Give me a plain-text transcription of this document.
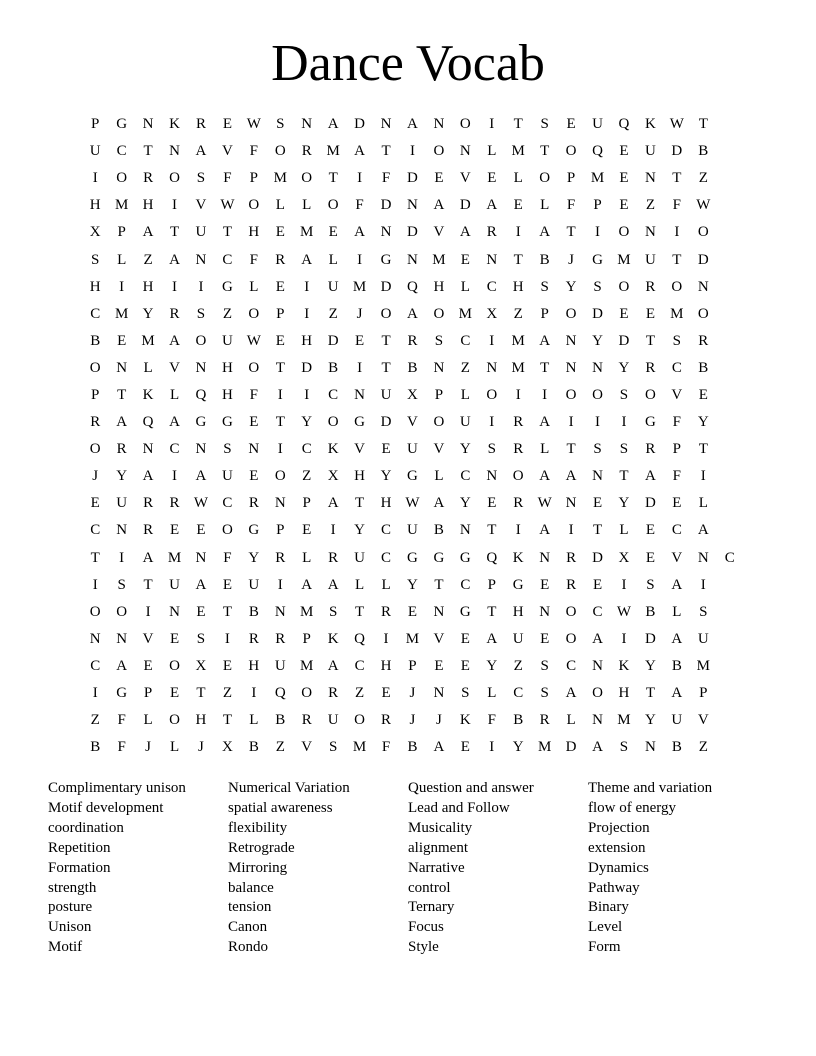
Dance Vocab
P	G	N	K	R	E W	S	N	A	D	N	A	N	O	I	T	S	E	U	Q	K W T
U	C	T	N	A	V	F	O	R M A	T	I	O	N	L	M	T	O	Q	E	U	D	B
I	O	R	O	S	F	P	M O	T	I	F	D	E	V	E	L	O	P	M	E	N	T	Z
H M H	I	V W O	L	L	O	F	D	N	A	D	A	E	L	F	P	E	Z	F	W
X	P	A	T	U	T	H	E	M	E	A	N	D	V	A	R	I	A	T	I	O	N	I	O
S	L	Z	A	N	C	F	R	A	L	I	G	N M	E	N	T	B	J	G M U	T	D
H	I	H	I	I	G	L	E	I	U M D	Q	H	L	C	H	S	Y	S	O	R	O	N
C M Y	R	S	Z	O	P	I	Z	J	O	A	O M X	Z	P	O	D	E	E	M O
B	E	M A	O	U W E	H	D	E	T	R	S	C	I	M A	N	Y	D	T	S	R
O	N	L	V	N	H	O	T	D	B	I	T	B	N	Z	N M	T	N	N	Y	R	C	B
P	T	K	L	Q	H	F	I	I	C	N	U	X	P	L	O	I	I	O	O	S	O	V	E
R	A	Q	A	G	G	E	T	Y	O	G	D	V	O	U	I	R	A	I	I	I	G	F	Y
O	R	N	C	N	S	N	I	C	K	V	E	U	V	Y	S	R	L	T	S	S	R	P	T
J	Y	A	I	A	U	E	O	Z	X	H	Y	G	L	C	N	O	A	A	N	T	A	F	I
E	U	R	R W C	R	N	P	A	T	H W A	Y	E	R W N	E	Y	D	E	L
C	N	R	E	E	O	G	P	E	I	Y	C	U	B	N	T	I	A	I	T	L	E	C	A
T	I	A M N	F	Y	R	L	R	U	C	G	G	G	Q	K	N	R	D	X	E	V	N	C
I	S	T	U	A	E	U	I	A	A	L	L	Y	T	C	P	G	E	R	E	I	S	A	I
O	O	I	N	E	T	B	N M	S	T	R	E	N	G	T	H	N	O	C W B	L	S
N	N	V	E	S	I	R	R	P	K	Q	I	M V	E	A	U	E	O	A	I	D	A	U
C	A	E	O	X	E	H	U M A	C	H	P	E	E	Y	Z	S	C	N	K	Y	B M
I	G	P	E	T	Z	I	Q	O	R	Z	E	J	N	S	L	C	S	A	O	H	T	A	P
Z	F	L	O	H	T	L	B	R	U	O	R	J	J	K	F	B	R	L	N M Y	U	V
B	F	J	L	J	X	B	Z	V	S	M	F	B	A	E	I	Y M D	A	S	N	B	Z
Complimentary unison
Motif development
coordination
Repetition
Formation
strength
posture
Unison
Motif
Numerical Variation
spatial awareness
flexibility
Retrograde
Mirroring
balance
tension
Canon
Rondo
Question and answer
Lead and Follow
Musicality
alignment
Narrative
control
Ternary
Focus
Style
Theme and variation
flow of energy
Projection
extension
Dynamics
Pathway
Binary
Level
Form
